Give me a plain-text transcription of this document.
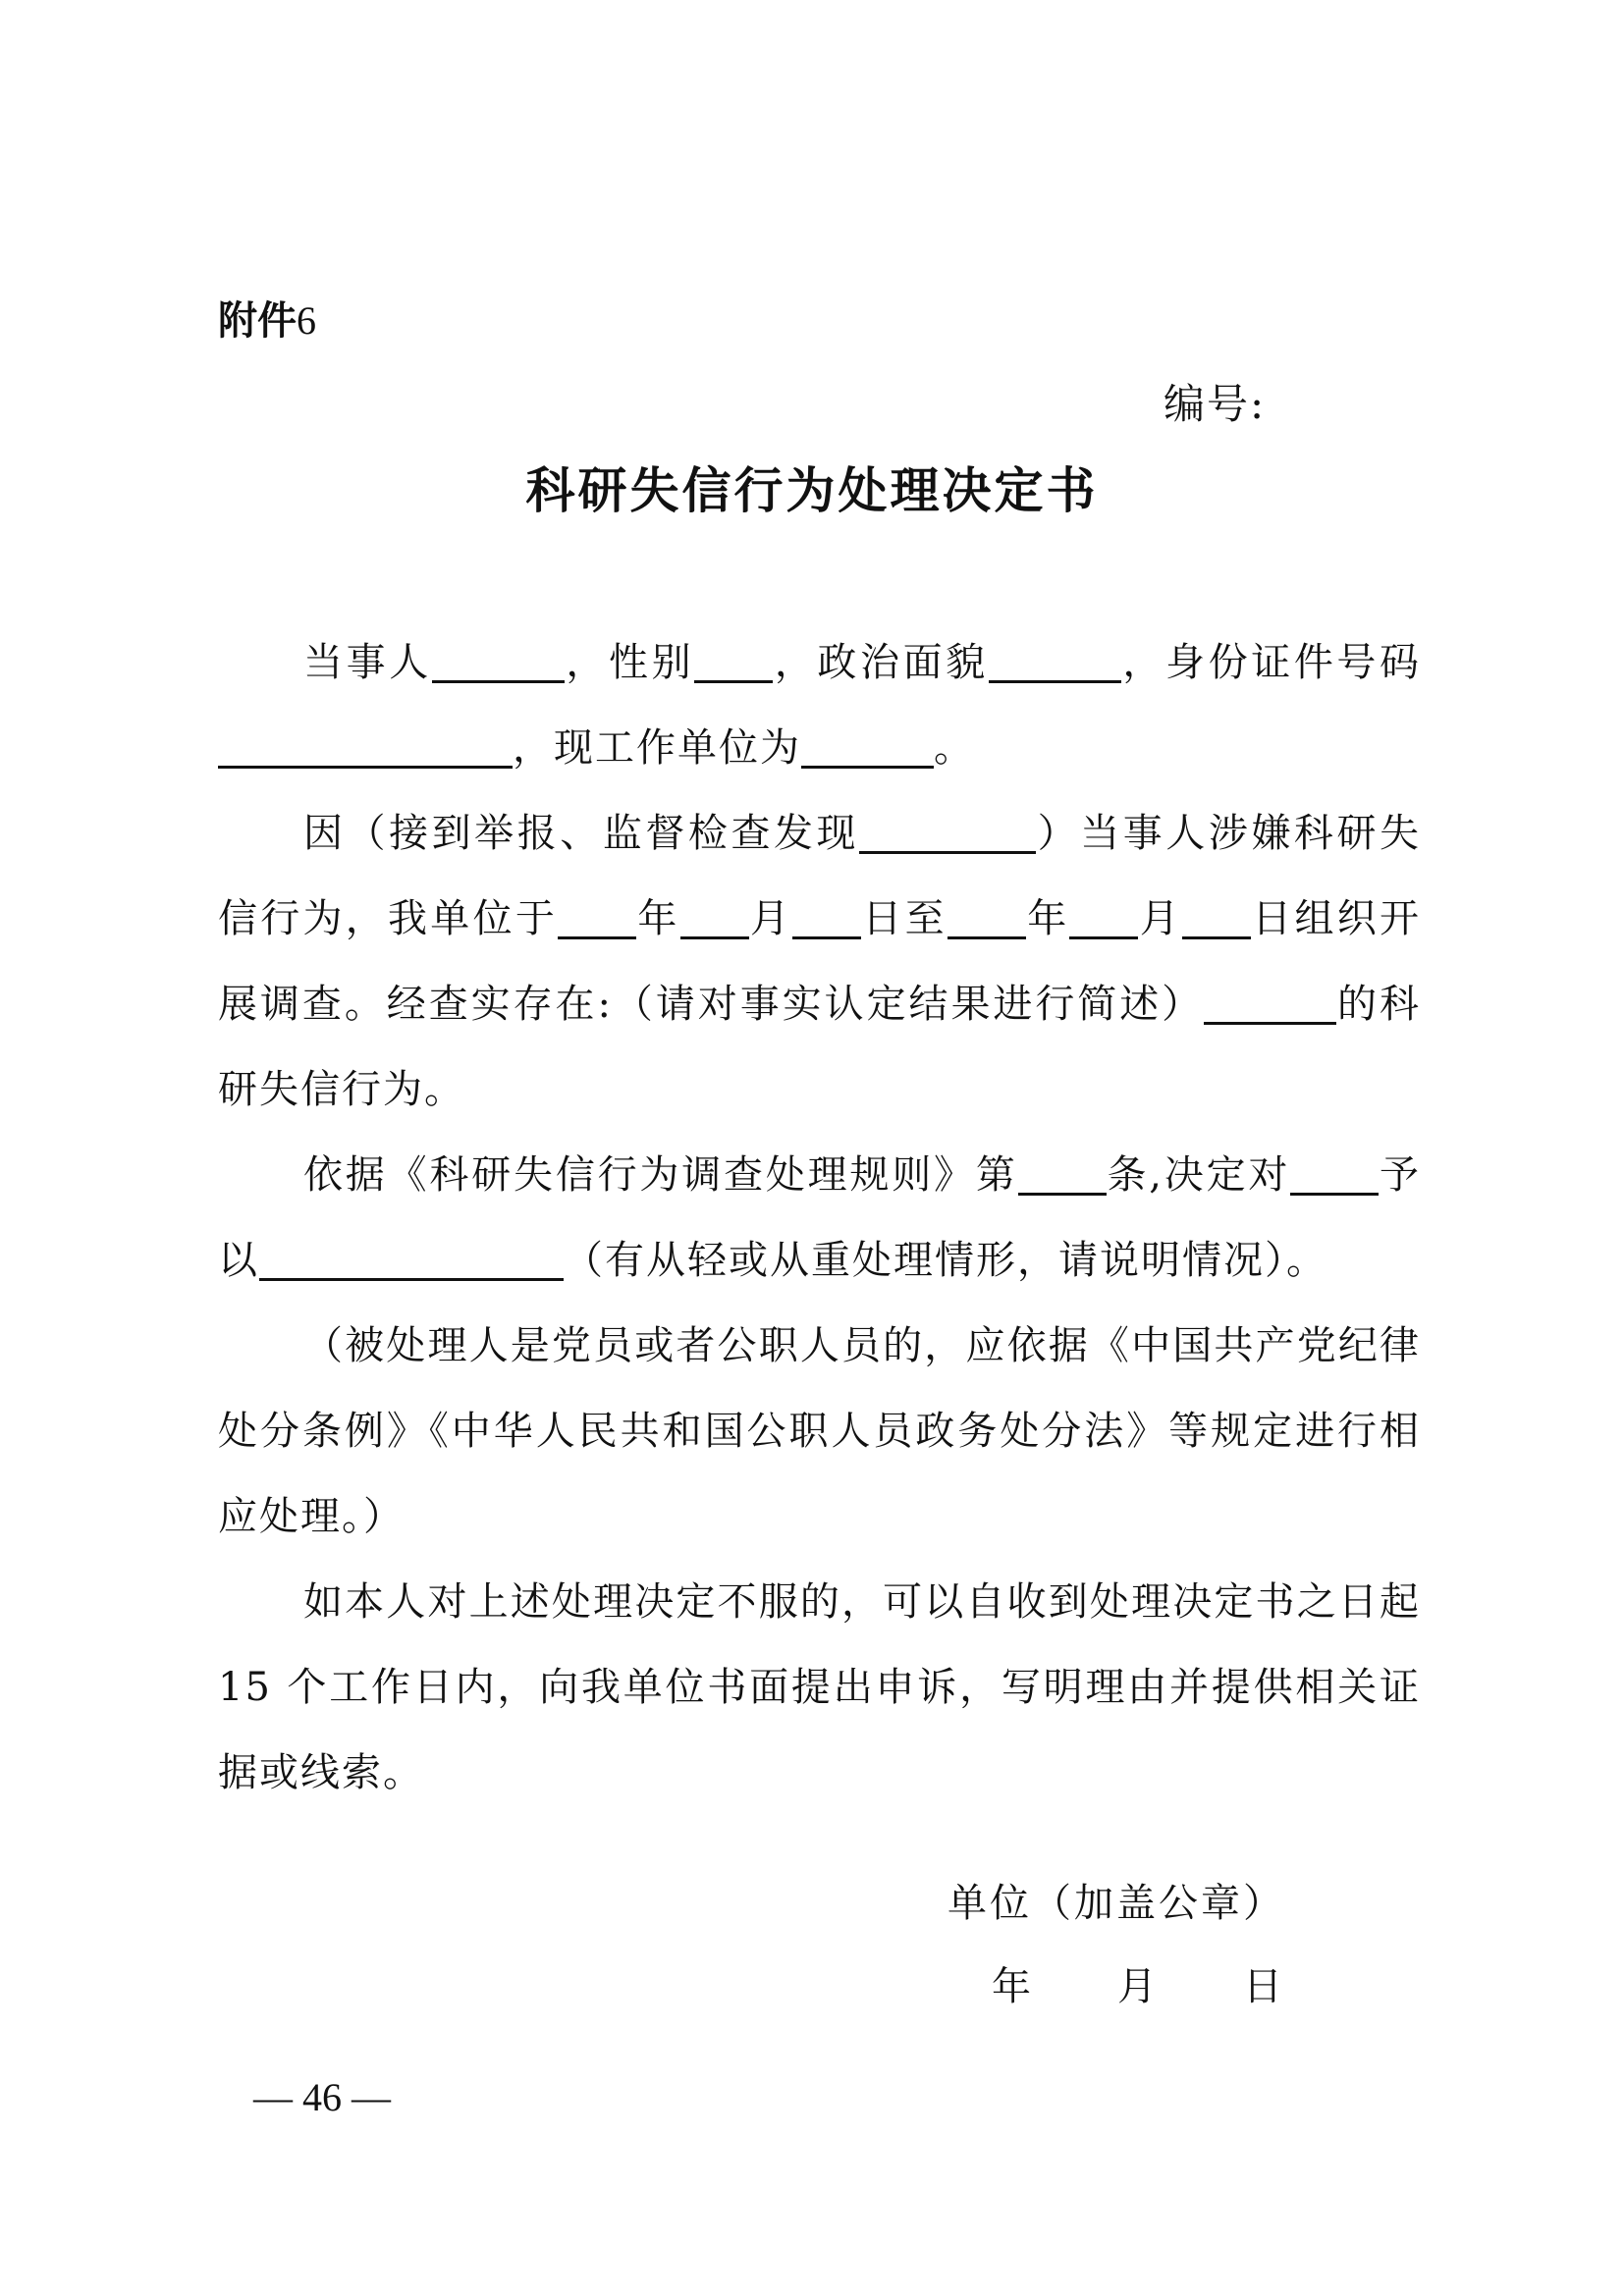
附件6
编号:
科研失信行为处理决定书

当事人	，性别 ，政治面貌	，身份证件号码，现工作单位为	。

因（接到举报、监督检查发现	）当事人涉嫌科研失信行为，我单位于 年 月 日至 年 月 日组织开展调查。经查实存在:（请对事实认定结果进行简述）	的科研失信行为。

依据《科研失信行为调查处理规则》第 条,决定对 予以	（有从轻或从重处理情形，请说明情况）。

（被处理人是党员或者公职人员的，应依据《中国共产党纪律处分条例》《中华人民共和国公职人员政务处分法》等规定进行相应处理。）

如本人对上述处理决定不服的，可以自收到处理决定书之日起 15 个工作日内，向我单位书面提出申诉，写明理由并提供相关证据或线索。

单位（加盖公章）
年 月 日
— 46 —
